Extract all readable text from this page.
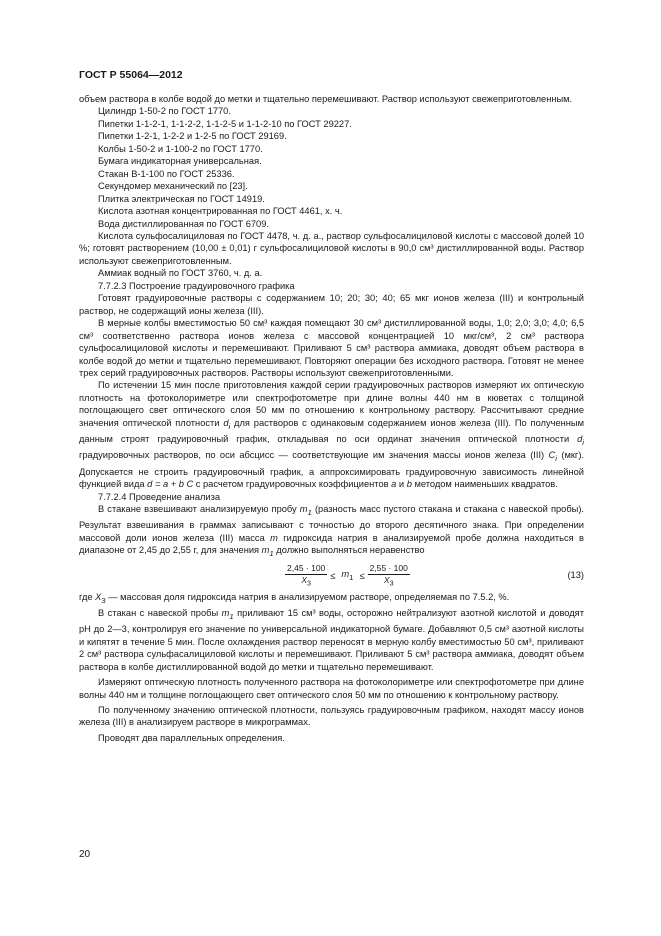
ГОСТ Р 55064—2012

объем раствора в колбе водой до метки и тщательно перемешивают. Раствор используют свежеприготовленным.

Цилиндр 1-50-2 по ГОСТ 1770.

Пипетки 1-1-2-1, 1-1-2-2, 1-1-2-5 и 1-1-2-10 по ГОСТ 29227.

Пипетки 1-2-1, 1-2-2 и 1-2-5 по ГОСТ 29169.

Колбы 1-50-2 и 1-100-2 по ГОСТ 1770.

Бумага индикаторная универсальная.

Стакан В-1-100 по ГОСТ 25336.

Секундомер механический по [23].

Плитка электрическая по ГОСТ 14919.

Кислота азотная концентрированная по ГОСТ 4461, х. ч.

Вода дистиллированная по ГОСТ 6709.

Кислота сульфосалициловая по ГОСТ 4478, ч. д. а., раствор сульфосалициловой кислоты с массовой долей 10 %; готовят растворением (10,00 ± 0,01) г сульфосалициловой кислоты в 90,0 см³ дистиллированной воды. Раствор используют свежеприготовленным.

Аммиак водный по ГОСТ 3760, ч. д. а.

7.7.2.3 Построение градуировочного графика

Готовят градуировочные растворы с содержанием 10; 20; 30; 40; 65 мкг ионов железа (III) и контрольный раствор, не содержащий ионы железа (III).

В мерные колбы вместимостью 50 см³ каждая помещают 30 см³ дистиллированной воды, 1,0; 2,0; 3,0; 4,0; 6,5 см³ соответственно раствора ионов железа с массовой концентрацией 10 мкг/см³, 2 см³ раствора сульфосалициловой кислоты и перемешивают. Приливают 5 см³ раствора аммиака, доводят объем раствора в колбе водой до метки и тщательно перемешивают. Повторяют операции без исходного раствора. Готовят не менее трех серий градуировочных растворов. Растворы используют свежеприготовленными.

По истечении 15 мин после приготовления каждой серии градуировочных растворов измеряют их оптическую плотность на фотоколориметре или спектрофотометре при длине волны 440 нм в кюветах с толщиной поглощающего свет оптического слоя 50 мм по отношению к контрольному раствору. Рассчитывают средние значения оптической плотности $d_i$ для растворов с одинаковым содержанием ионов железа (III). По полученным данным строят градуировочный график, откладывая по оси ординат значения оптической плотности $d_i$ градуировочных растворов, по оси абсцисс — соответствующие им значения массы ионов железа (III) $C_i$ (мкг). Допускается не строить градуировочный график, а аппроксимировать градуировочную зависимость линейной функцией вида d = a + b C с расчетом градуировочных коэффициентов a и b методом наименьших квадратов.

7.7.2.4 Проведение анализа

В стакане взвешивают анализируемую пробу $m_1$ (разность масс пустого стакана и стакана с навеской пробы). Результат взвешивания в граммах записывают с точностью до второго десятичного знака. При определении массовой доли ионов железа (III) масса m гидроксида натрия в анализируемой пробе должна находиться в диапазоне от 2,45 до 2,55 г, для значения $m_1$ должно выполняться неравенство

$\frac{2,45 \cdot 100}{X_3} \le m_1 \le \frac{2,55 \cdot 100}{X_3}$	(13)

где $X_3$ — массовая доля гидроксида натрия в анализируемом растворе, определяемая по 7.5.2, %.

В стакан с навеской пробы $m_1$ приливают 15 см³ воды, осторожно нейтрализуют азотной кислотой и доводят рН до 2—3, контролируя его значение по универсальной индикаторной бумаге. Добавляют 0,5 см³ азотной кислоты и кипятят в течение 5 мин. После охлаждения раствор переносят в мерную колбу вместимостью 50 см³, приливают 2 см³ раствора сульфасалициловой кислоты и перемешивают. Приливают 5 см³ раствора аммиака, доводят объем раствора в колбе дистиллированной водой до метки и тщательно перемешивают.

Измеряют оптическую плотность полученного раствора на фотоколориметре или спектрофотометре при длине волны 440 нм и толщине поглощающего свет оптического слоя 50 мм по отношению к контрольному раствору.

По полученному значению оптической плотности, пользуясь градуировочным графиком, находят массу ионов железа (III) в анализируем растворе в микрограммах.

Проводят два параллельных определения.

20
